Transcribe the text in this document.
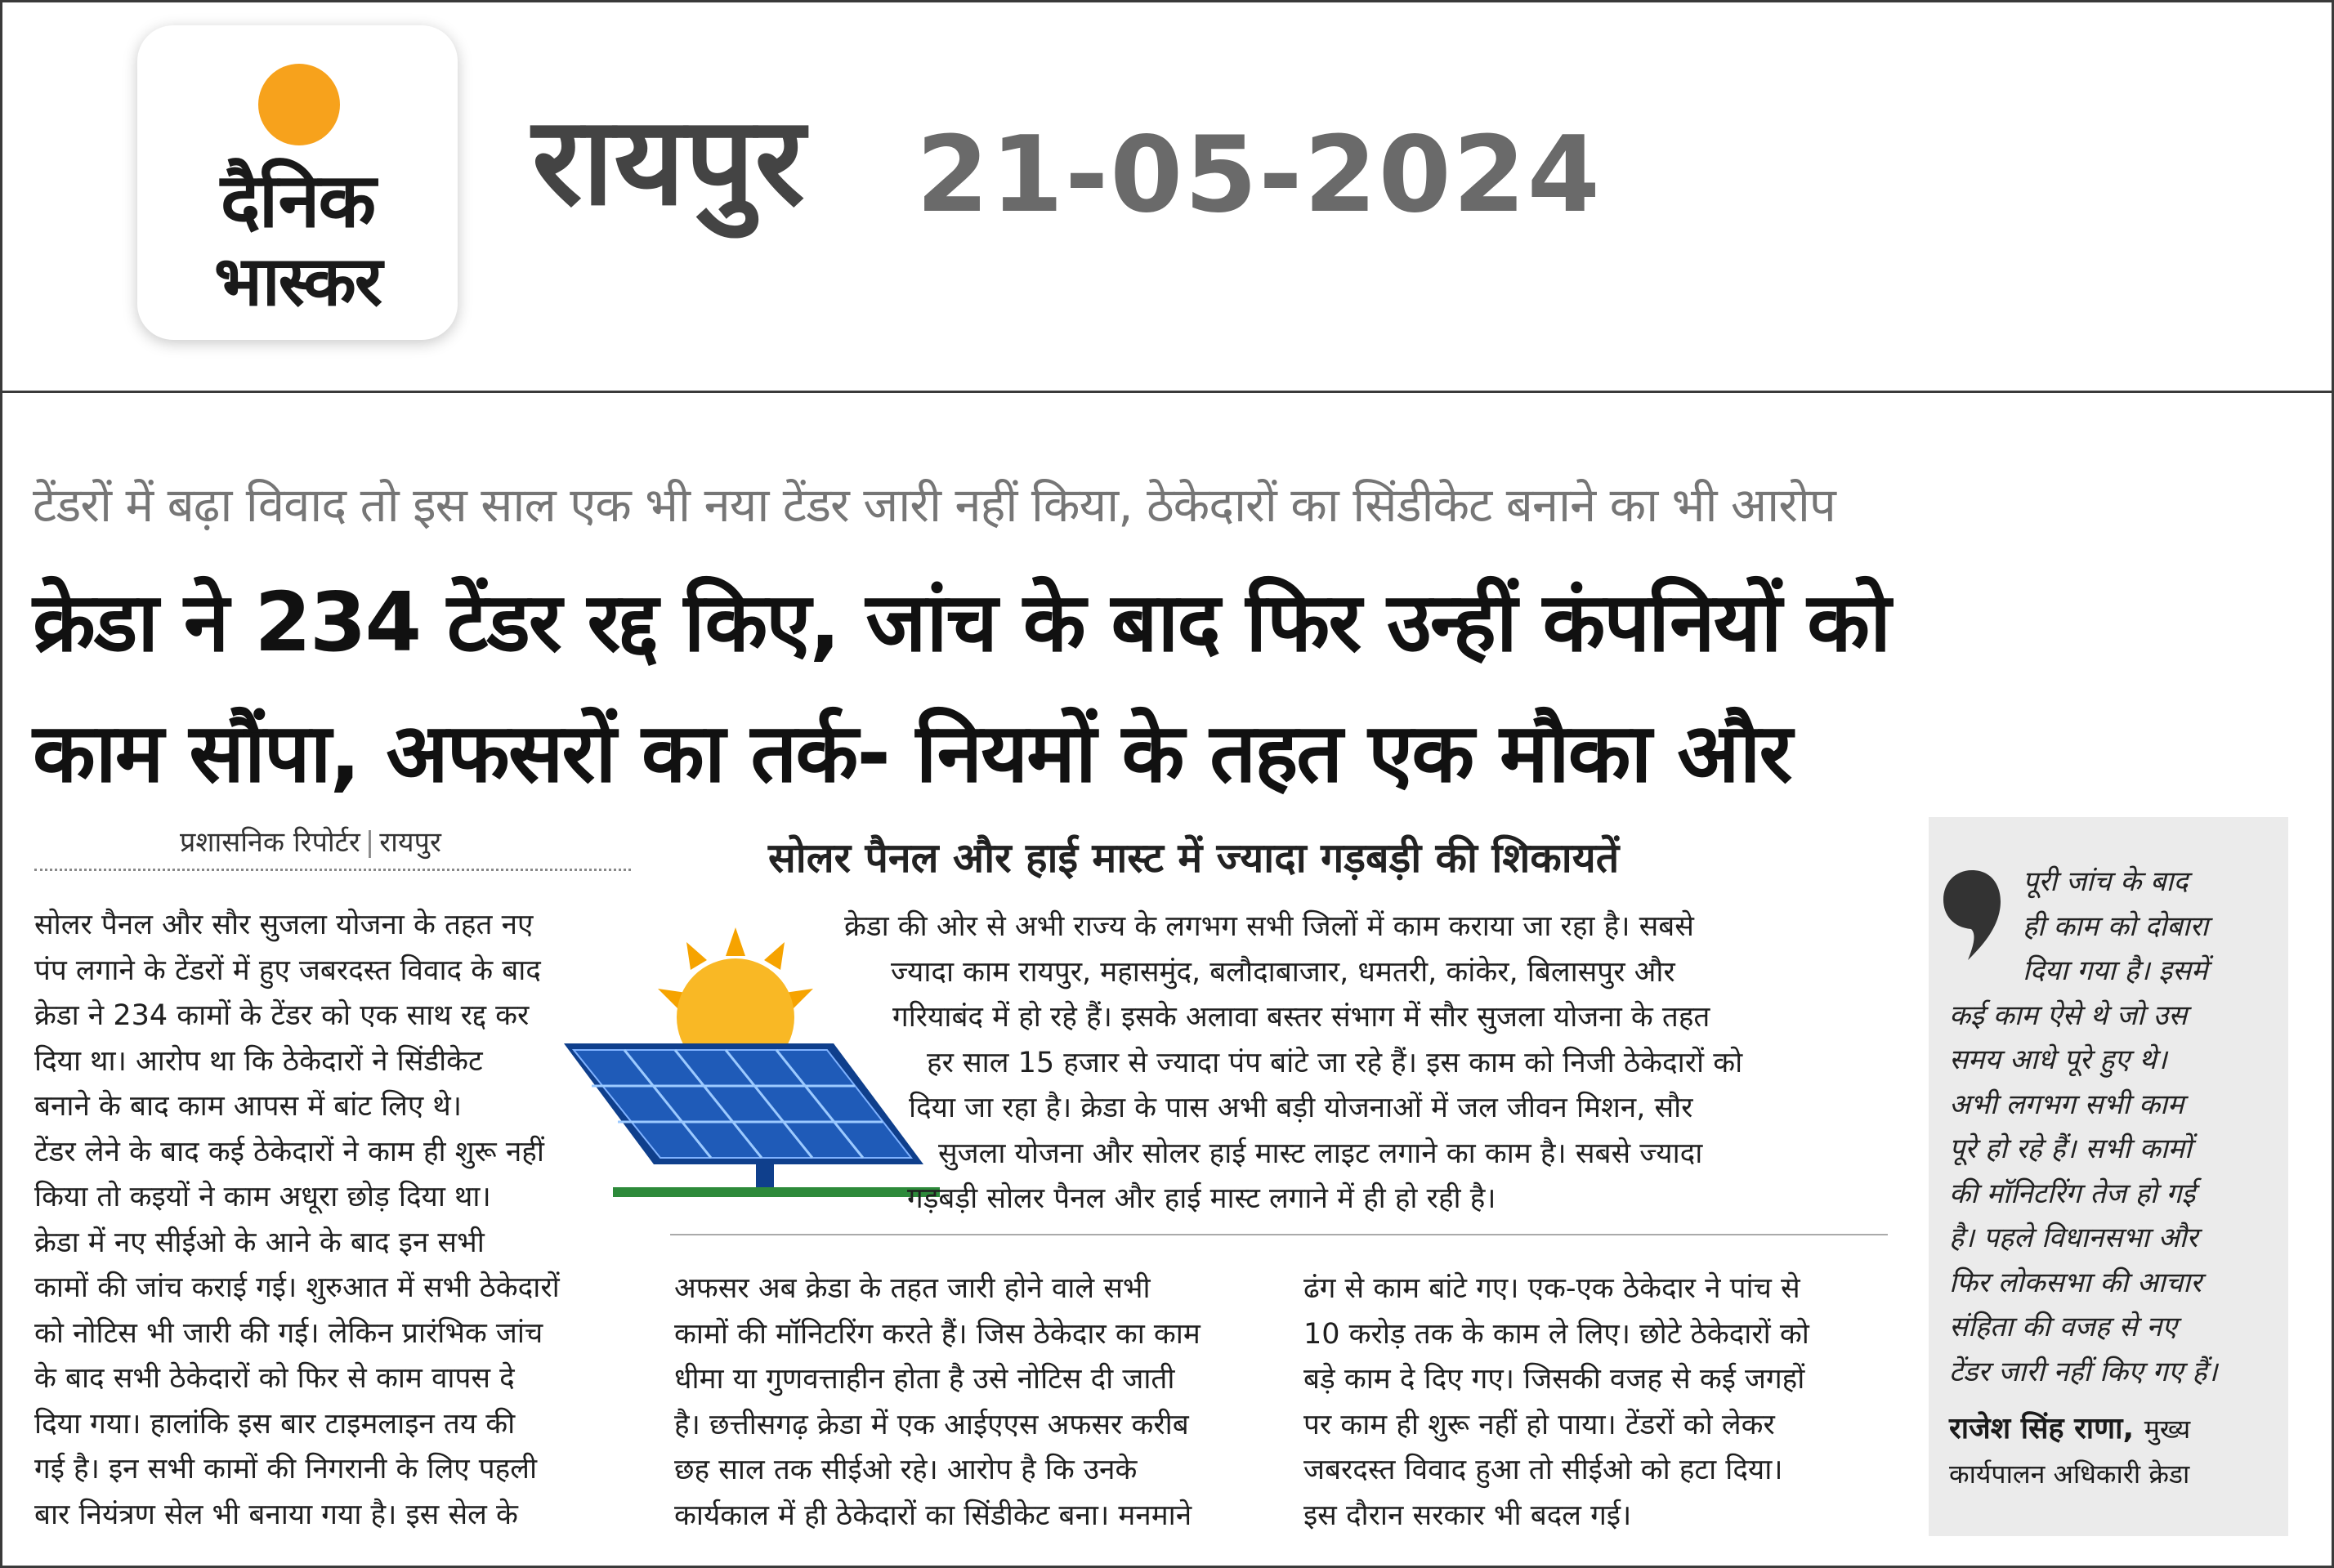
दैनिक
भास्कर
रायपुर 21-05-2024
टेंडरों में बढ़ा विवाद तो इस साल एक भी नया टेंडर जारी नहीं किया, ठेकेदारों का सिंडीकेट बनाने का भी आरोप
क्रेडा ने 234 टेंडर रद्द किए, जांच के बाद फिर उन्हीं कंपनियों को
काम सौंपा, अफसरों का तर्क- नियमों के तहत एक मौका और
प्रशासनिक रिपोर्टर | रायपुर	सोलर पैनल और हाई मास्ट में ज्यादा गड़बड़ी की शिकायतें
सोलर पैनल और सौर सुजला योजना के तहत नए
पंप लगाने के टेंडरों में हुए जबरदस्त विवाद के बाद
क्रेडा ने 234 कामों के टेंडर को एक साथ रद्द कर
दिया था। आरोप था कि ठेकेदारों ने सिंडीकेट
बनाने के बाद काम आपस में बांट लिए थे।
टेंडर लेने के बाद कई ठेकेदारों ने काम ही शुरू नहीं
किया तो कइयों ने काम अधूरा छोड़ दिया था।
क्रेडा में नए सीईओ के आने के बाद इन सभी
कामों की जांच कराई गई। शुरुआत में सभी ठेकेदारों
को नोटिस भी जारी की गई। लेकिन प्रारंभिक जांच
के बाद सभी ठेकेदारों को फिर से काम वापस दे
दिया गया। हालांकि इस बार टाइमलाइन तय की
गई है। इन सभी कामों की निगरानी के लिए पहली
बार नियंत्रण सेल भी बनाया गया है। इस सेल के
क्रेडा की ओर से अभी राज्य के लगभग सभी जिलों में काम कराया जा रहा है। सबसे
ज्यादा काम रायपुर, महासमुंद, बलौदाबाजार, धमतरी, कांकेर, बिलासपुर और
गरियाबंद में हो रहे हैं। इसके अलावा बस्तर संभाग में सौर सुजला योजना के तहत
हर साल 15 हजार से ज्यादा पंप बांटे जा रहे हैं। इस काम को निजी ठेकेदारों को
दिया जा रहा है। क्रेडा के पास अभी बड़ी योजनाओं में जल जीवन मिशन, सौर
सुजला योजना और सोलर हाई मास्ट लाइट लगाने का काम है। सबसे ज्यादा
गड़बड़ी सोलर पैनल और हाई मास्ट लगाने में ही हो रही है।
अफसर अब क्रेडा के तहत जारी होने वाले सभी
कामों की मॉनिटरिंग करते हैं। जिस ठेकेदार का काम
धीमा या गुणवत्ताहीन होता है उसे नोटिस दी जाती
है। छत्तीसगढ़ क्रेडा में एक आईएएस अफसर करीब
छह साल तक सीईओ रहे। आरोप है कि उनके
कार्यकाल में ही ठेकेदारों का सिंडीकेट बना। मनमाने
ढंग से काम बांटे गए। एक-एक ठेकेदार ने पांच से
10 करोड़ तक के काम ले लिए। छोटे ठेकेदारों को
बड़े काम दे दिए गए। जिसकी वजह से कई जगहों
पर काम ही शुरू नहीं हो पाया। टेंडरों को लेकर
जबरदस्त विवाद हुआ तो सीईओ को हटा दिया।
इस दौरान सरकार भी बदल गई।
पूरी जांच के बाद
ही काम को दोबारा
दिया गया है। इसमें
कई काम ऐसे थे जो उस
समय आधे पूरे हुए थे।
अभी लगभग सभी काम
पूरे हो रहे हैं। सभी कामों
की मॉनिटरिंग तेज हो गई
है। पहले विधानसभा और
फिर लोकसभा की आचार
संहिता की वजह से नए
टेंडर जारी नहीं किए गए हैं।
राजेश सिंह राणा, मुख्य
कार्यपालन अधिकारी क्रेडा
